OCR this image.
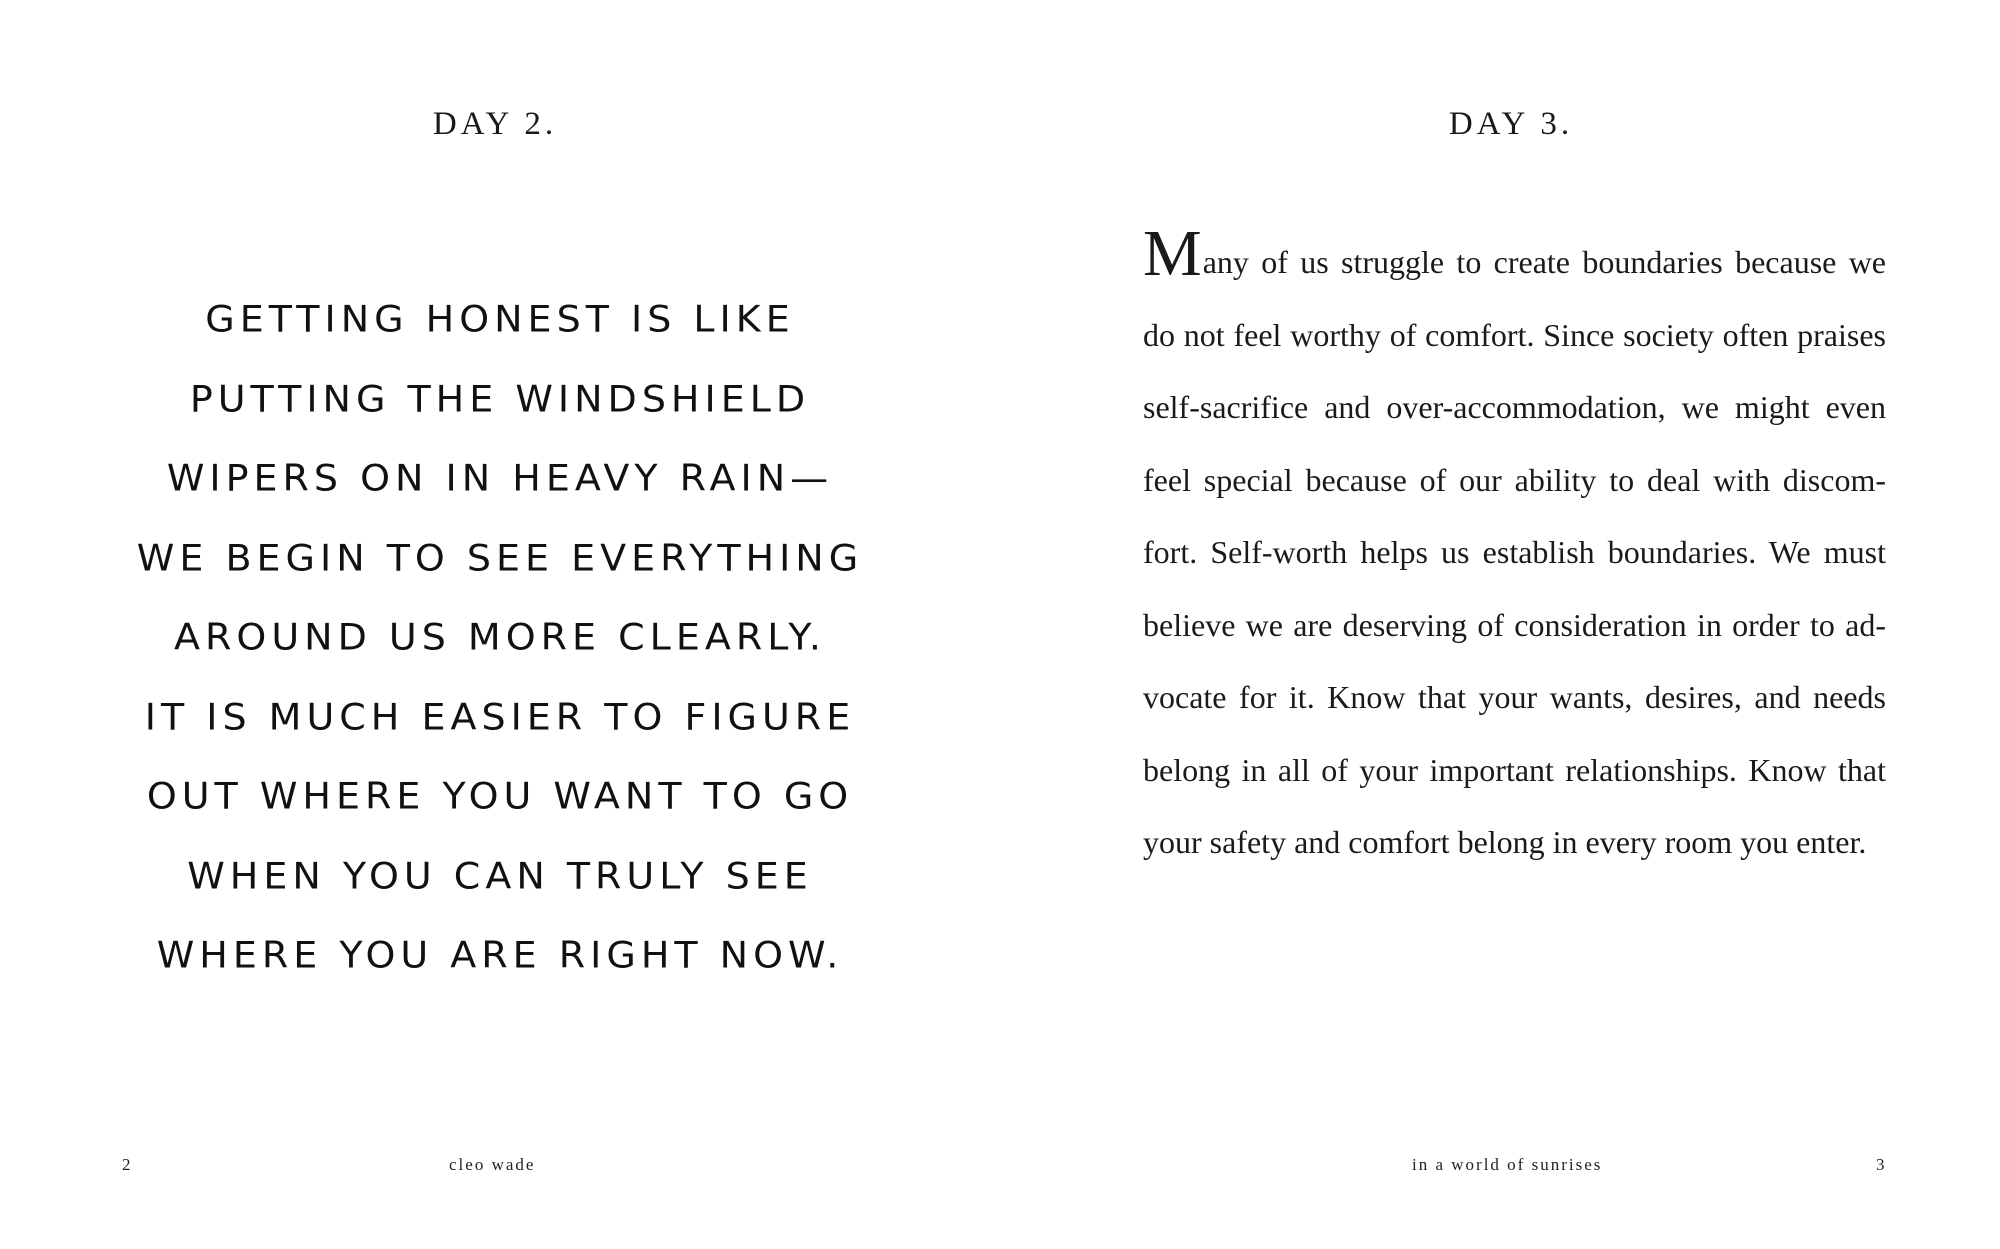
DAY 2.
GETTING HONEST IS LIKE
PUTTING THE WINDSHIELD
WIPERS ON IN HEAVY RAIN—
WE BEGIN TO SEE EVERYTHING
AROUND US MORE CLEARLY.
IT IS MUCH EASIER TO FIGURE
OUT WHERE YOU WANT TO GO
WHEN YOU CAN TRULY SEE
WHERE YOU ARE RIGHT NOW.

2	cleo wade

DAY 3.
Many of us struggle to create boundaries because we
do not feel worthy of comfort. Since society often praises
self-sacrifice and over-accommodation, we might even
feel special because of our ability to deal with discom-
fort. Self-worth helps us establish boundaries. We must
believe we are deserving of consideration in order to ad-
vocate for it. Know that your wants, desires, and needs
belong in all of your important relationships. Know that
your safety and comfort belong in every room you enter.

in a world of sunrises	3
